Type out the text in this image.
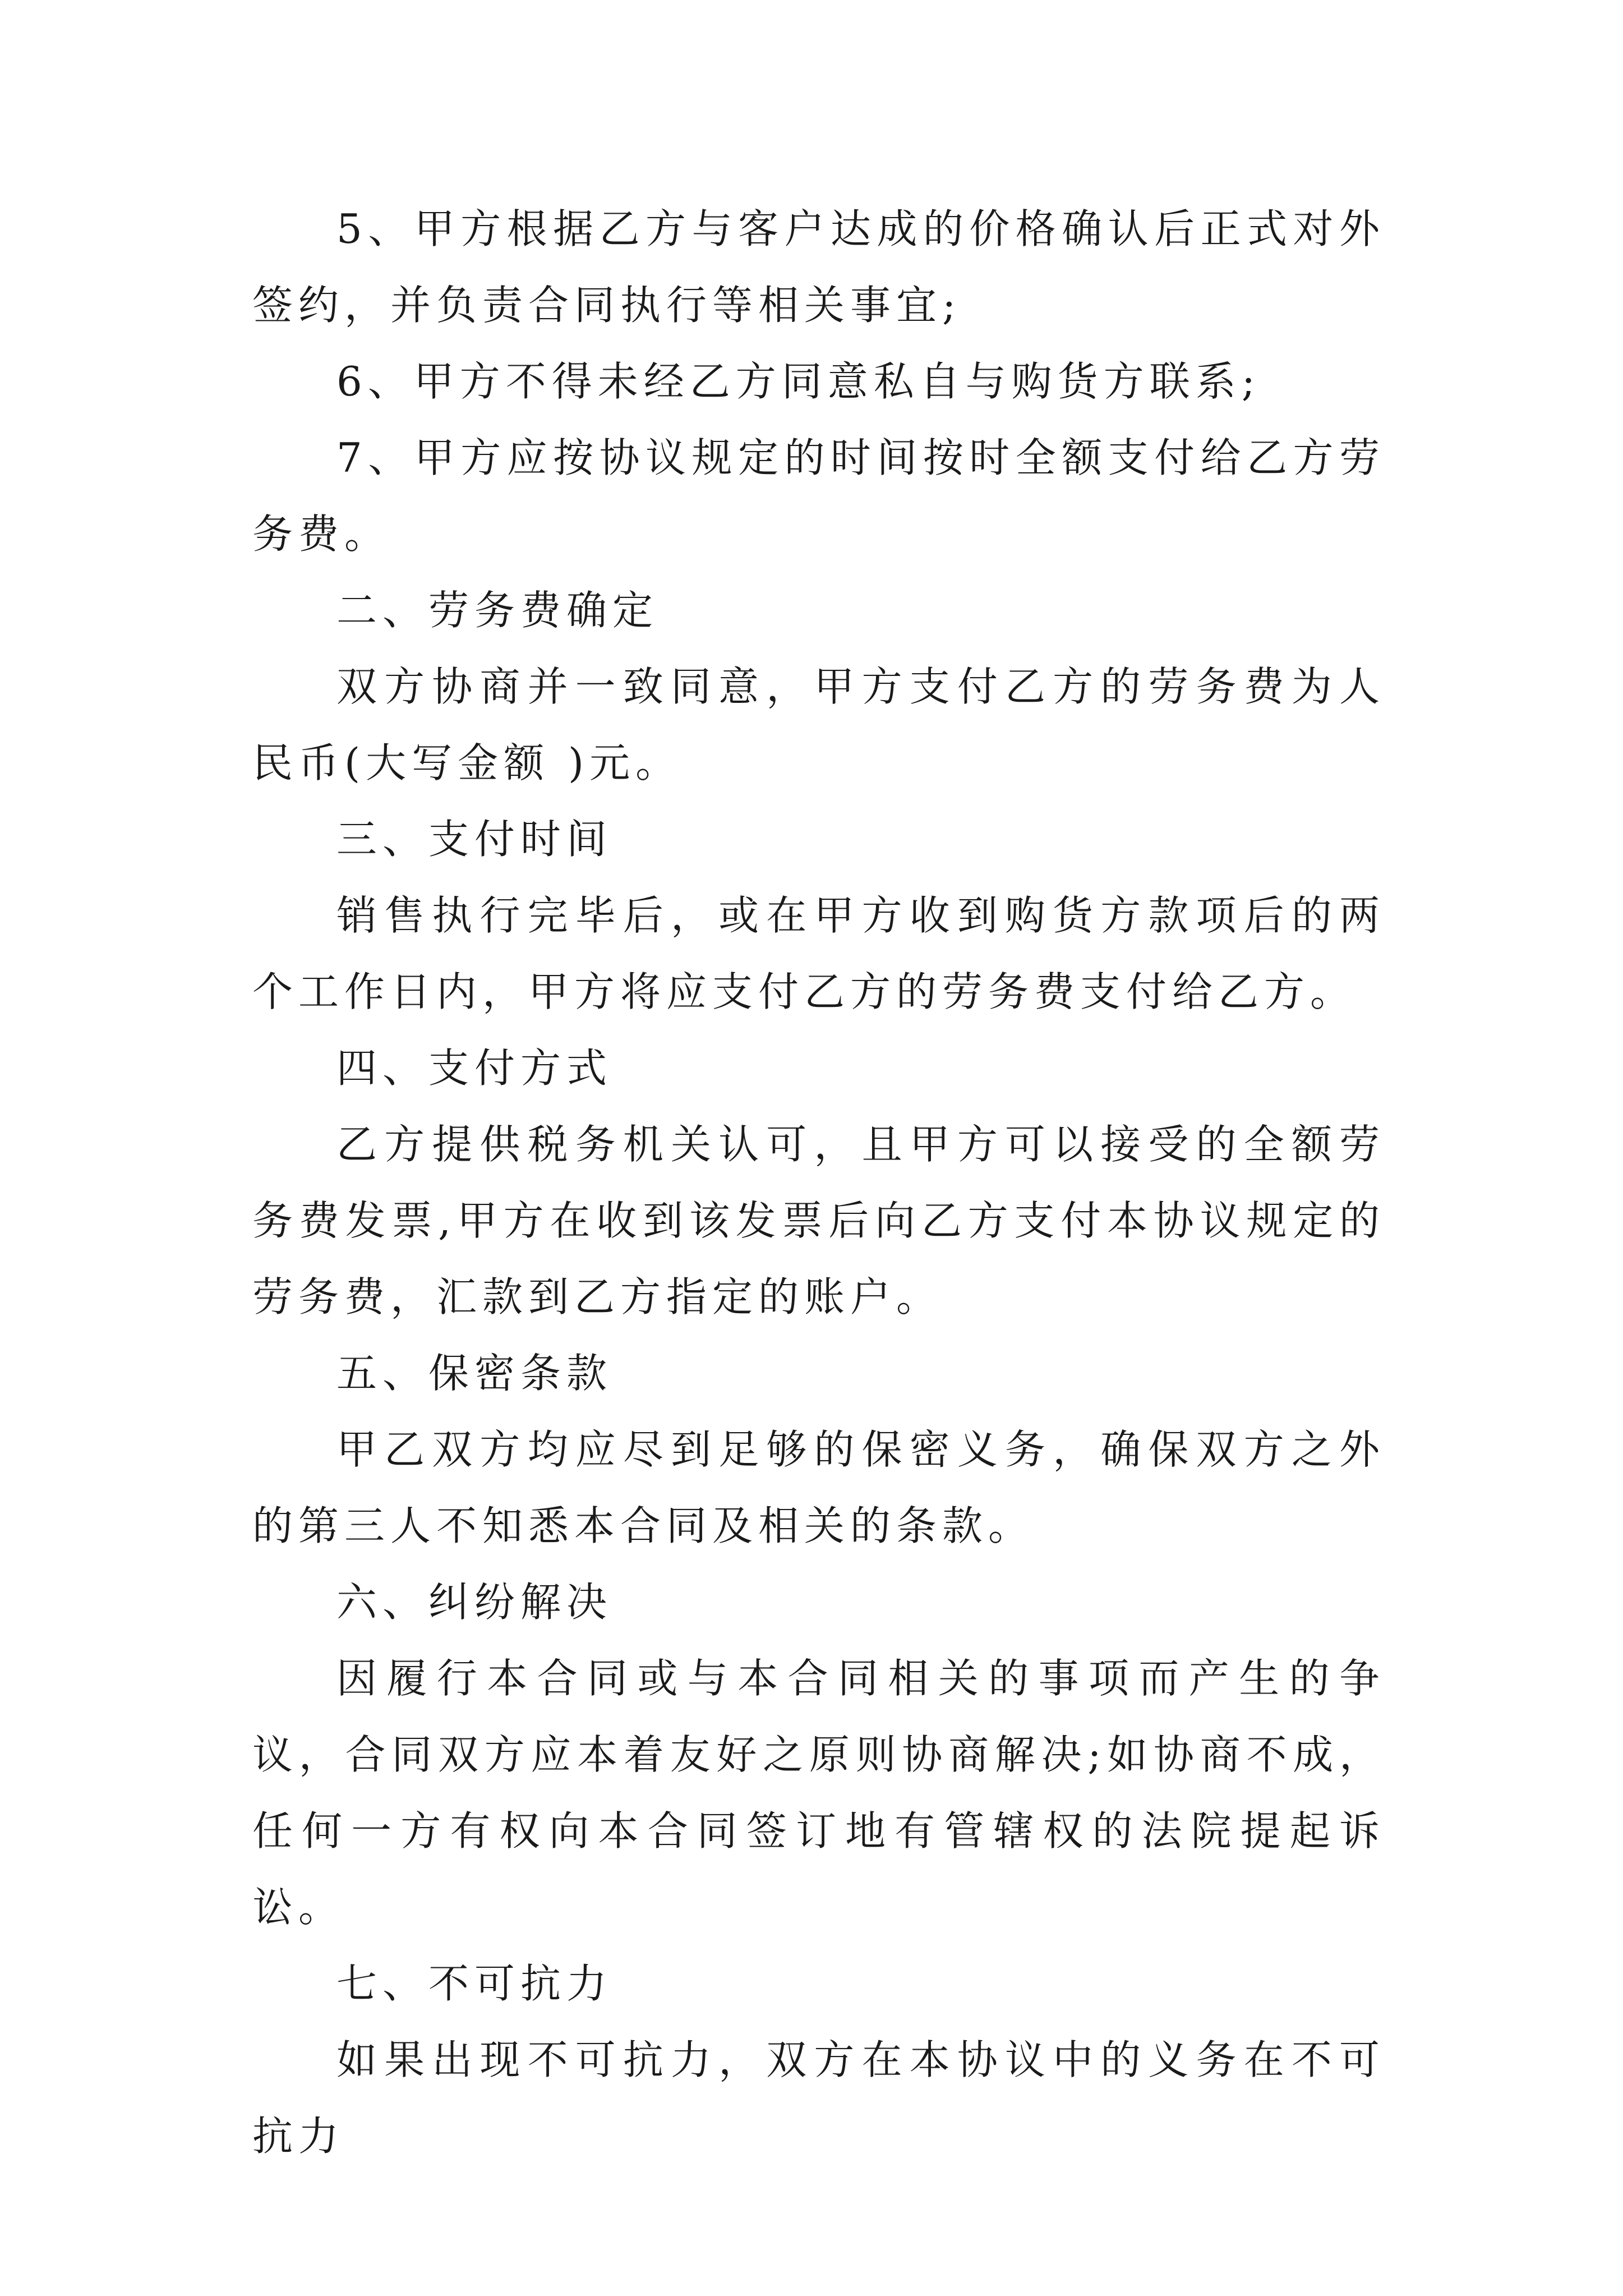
5、甲方根据乙方与客户达成的价格确认后正式对外签约，并负责合同执行等相关事宜;

6、甲方不得未经乙方同意私自与购货方联系;

7、甲方应按协议规定的时间按时全额支付给乙方劳务费。

二、劳务费确定

双方协商并一致同意，甲方支付乙方的劳务费为人民币(大写金额 )元。

三、支付时间

销售执行完毕后，或在甲方收到购货方款项后的两个工作日内，甲方将应支付乙方的劳务费支付给乙方。

四、支付方式

乙方提供税务机关认可，且甲方可以接受的全额劳务费发票,甲方在收到该发票后向乙方支付本协议规定的劳务费，汇款到乙方指定的账户。

五、保密条款

甲乙双方均应尽到足够的保密义务，确保双方之外的第三人不知悉本合同及相关的条款。

六、纠纷解决

因履行本合同或与本合同相关的事项而产生的争议，合同双方应本着友好之原则协商解决;如协商不成，任何一方有权向本合同签订地有管辖权的法院提起诉讼。

七、不可抗力

如果出现不可抗力，双方在本协议中的义务在不可抗力
